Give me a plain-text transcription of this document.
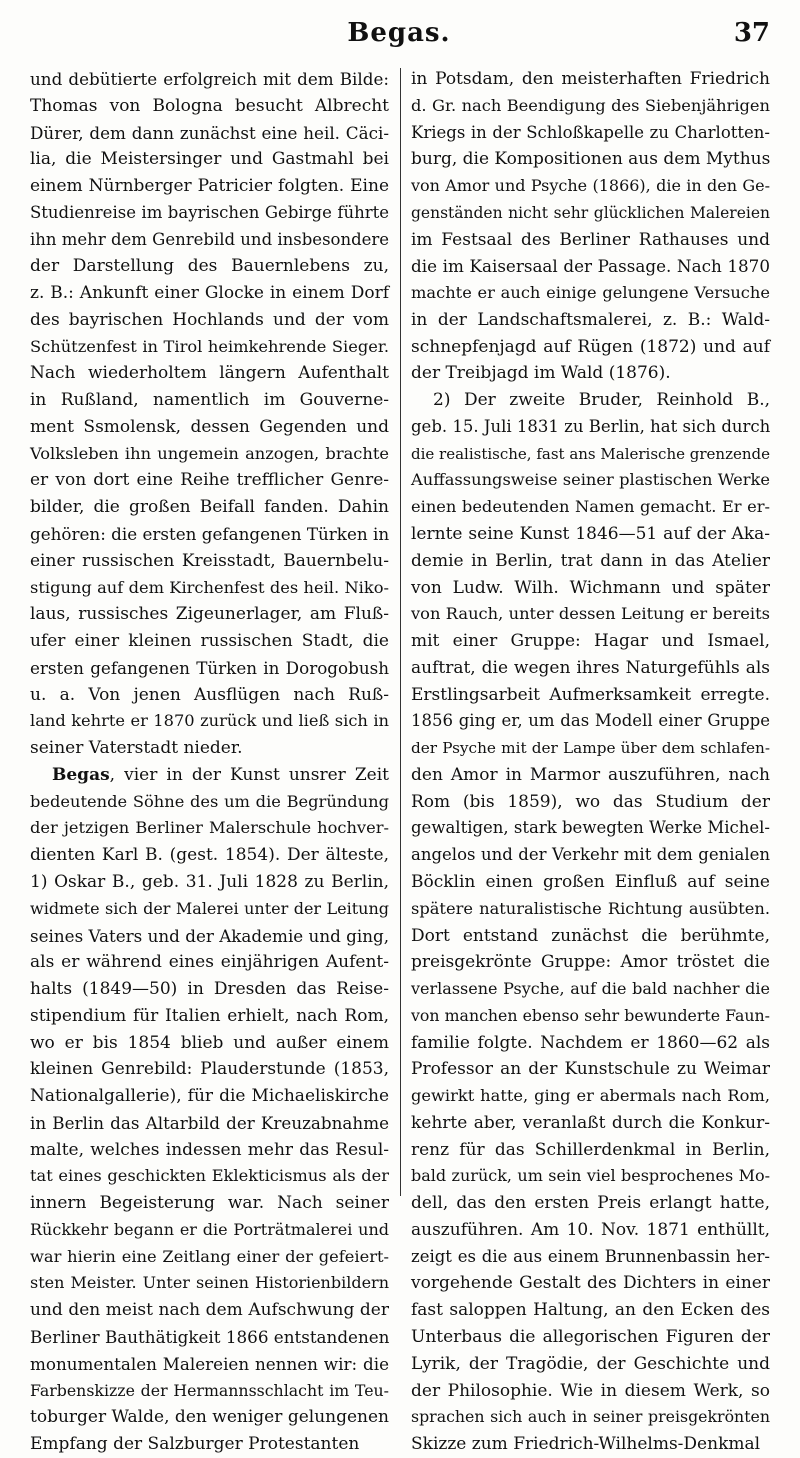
Begas.	37
und debütierte erfolgreich mit dem Bilde:
Thomas von Bologna besucht Albrecht
Dürer, dem dann zunächst eine heil. Cäci-
lia, die Meistersinger und Gastmahl bei
einem Nürnberger Patricier folgten. Eine
Studienreise im bayrischen Gebirge führte
ihn mehr dem Genrebild und insbesondere
der Darstellung des Bauernlebens zu,
z. B.: Ankunft einer Glocke in einem Dorf
des bayrischen Hochlands und der vom
Schützenfest in Tirol heimkehrende Sieger.
Nach wiederholtem längern Aufenthalt
in Rußland, namentlich im Gouverne-
ment Ssmolensk, dessen Gegenden und
Volksleben ihn ungemein anzogen, brachte
er von dort eine Reihe trefflicher Genre-
bilder, die großen Beifall fanden. Dahin
gehören: die ersten gefangenen Türken in
einer russischen Kreisstadt, Bauernbelu-
stigung auf dem Kirchenfest des heil. Niko-
laus, russisches Zigeunerlager, am Fluß-
ufer einer kleinen russischen Stadt, die
ersten gefangenen Türken in Dorogobush
u. a. Von jenen Ausflügen nach Ruß-
land kehrte er 1870 zurück und ließ sich in
seiner Vaterstadt nieder.
Begas, vier in der Kunst unsrer Zeit
bedeutende Söhne des um die Begründung
der jetzigen Berliner Malerschule hochver-
dienten Karl B. (gest. 1854). Der älteste,
1) Oskar B., geb. 31. Juli 1828 zu Berlin,
widmete sich der Malerei unter der Leitung
seines Vaters und der Akademie und ging,
als er während eines einjährigen Aufent-
halts (1849—50) in Dresden das Reise-
stipendium für Italien erhielt, nach Rom,
wo er bis 1854 blieb und außer einem
kleinen Genrebild: Plauderstunde (1853,
Nationalgallerie), für die Michaeliskirche
in Berlin das Altarbild der Kreuzabnahme
malte, welches indessen mehr das Resul-
tat eines geschickten Eklekticismus als der
innern Begeisterung war. Nach seiner
Rückkehr begann er die Porträtmalerei und
war hierin eine Zeitlang einer der gefeiert-
sten Meister. Unter seinen Historienbildern
und den meist nach dem Aufschwung der
Berliner Bauthätigkeit 1866 entstandenen
monumentalen Malereien nennen wir: die
Farbenskizze der Hermannsschlacht im Teu-
toburger Walde, den weniger gelungenen
Empfang der Salzburger Protestanten
in Potsdam, den meisterhaften Friedrich
d. Gr. nach Beendigung des Siebenjährigen
Kriegs in der Schloßkapelle zu Charlotten-
burg, die Kompositionen aus dem Mythus
von Amor und Psyche (1866), die in den Ge-
genständen nicht sehr glücklichen Malereien
im Festsaal des Berliner Rathauses und
die im Kaisersaal der Passage. Nach 1870
machte er auch einige gelungene Versuche
in der Landschaftsmalerei, z. B.: Wald-
schnepfenjagd auf Rügen (1872) und auf
der Treibjagd im Wald (1876).
2) Der zweite Bruder, Reinhold B.,
geb. 15. Juli 1831 zu Berlin, hat sich durch
die realistische, fast ans Malerische grenzende
Auffassungsweise seiner plastischen Werke
einen bedeutenden Namen gemacht. Er er-
lernte seine Kunst 1846—51 auf der Aka-
demie in Berlin, trat dann in das Atelier
von Ludw. Wilh. Wichmann und später
von Rauch, unter dessen Leitung er bereits
mit einer Gruppe: Hagar und Ismael,
auftrat, die wegen ihres Naturgefühls als
Erstlingsarbeit Aufmerksamkeit erregte.
1856 ging er, um das Modell einer Gruppe
der Psyche mit der Lampe über dem schlafen-
den Amor in Marmor auszuführen, nach
Rom (bis 1859), wo das Studium der
gewaltigen, stark bewegten Werke Michel-
angelos und der Verkehr mit dem genialen
Böcklin einen großen Einfluß auf seine
spätere naturalistische Richtung ausübten.
Dort entstand zunächst die berühmte,
preisgekrönte Gruppe: Amor tröstet die
verlassene Psyche, auf die bald nachher die
von manchen ebenso sehr bewunderte Faun-
familie folgte. Nachdem er 1860—62 als
Professor an der Kunstschule zu Weimar
gewirkt hatte, ging er abermals nach Rom,
kehrte aber, veranlaßt durch die Konkur-
renz für das Schillerdenkmal in Berlin,
bald zurück, um sein viel besprochenes Mo-
dell, das den ersten Preis erlangt hatte,
auszuführen. Am 10. Nov. 1871 enthüllt,
zeigt es die aus einem Brunnenbassin her-
vorgehende Gestalt des Dichters in einer
fast saloppen Haltung, an den Ecken des
Unterbaus die allegorischen Figuren der
Lyrik, der Tragödie, der Geschichte und
der Philosophie. Wie in diesem Werk, so
sprachen sich auch in seiner preisgekrönten
Skizze zum Friedrich-Wilhelms-Denkmal
